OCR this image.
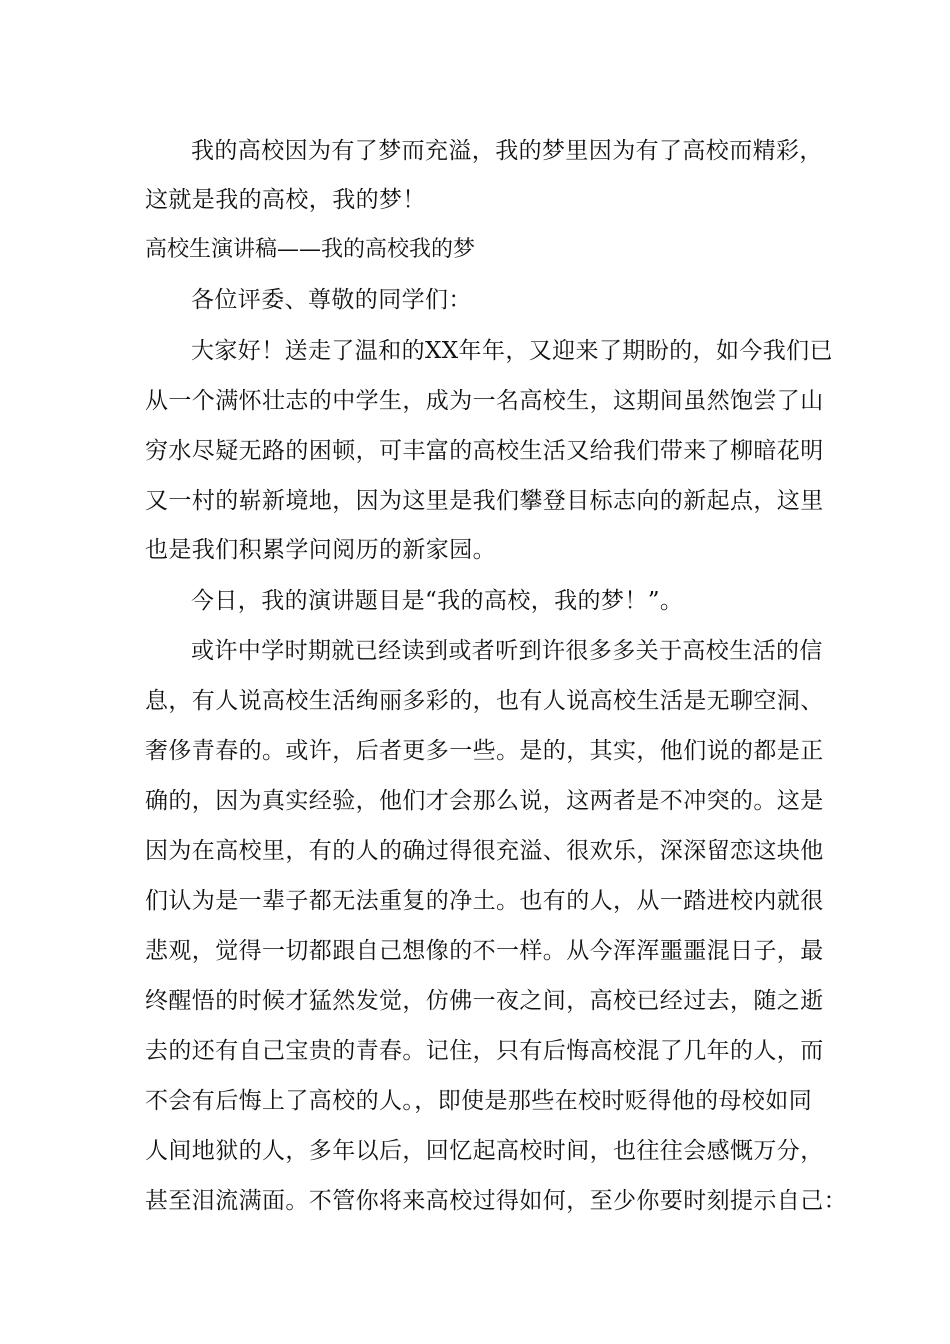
我的高校因为有了梦而充溢，我的梦里因为有了高校而精彩，
这就是我的高校，我的梦！
高校生演讲稿——我的高校我的梦
各位评委、尊敬的同学们：
大家好！送走了温和的XX年年，又迎来了期盼的，如今我们已
从一个满怀壮志的中学生，成为一名高校生，这期间虽然饱尝了山
穷水尽疑无路的困顿，可丰富的高校生活又给我们带来了柳暗花明
又一村的崭新境地，因为这里是我们攀登目标志向的新起点，这里
也是我们积累学问阅历的新家园。
今日，我的演讲题目是“我的高校，我的梦！”。
或许中学时期就已经读到或者听到许很多多关于高校生活的信
息，有人说高校生活绚丽多彩的，也有人说高校生活是无聊空洞、
奢侈青春的。或许，后者更多一些。是的，其实，他们说的都是正
确的，因为真实经验，他们才会那么说，这两者是不冲突的。这是
因为在高校里，有的人的确过得很充溢、很欢乐，深深留恋这块他
们认为是一辈子都无法重复的净土。也有的人，从一踏进校内就很
悲观，觉得一切都跟自己想像的不一样。从今浑浑噩噩混日子，最
终醒悟的时候才猛然发觉，仿佛一夜之间，高校已经过去，随之逝
去的还有自己宝贵的青春。记住，只有后悔高校混了几年的人，而
不会有后悔上了高校的人。，即使是那些在校时贬得他的母校如同
人间地狱的人，多年以后，回忆起高校时间，也往往会感慨万分，
甚至泪流满面。不管你将来高校过得如何，至少你要时刻提示自己：
